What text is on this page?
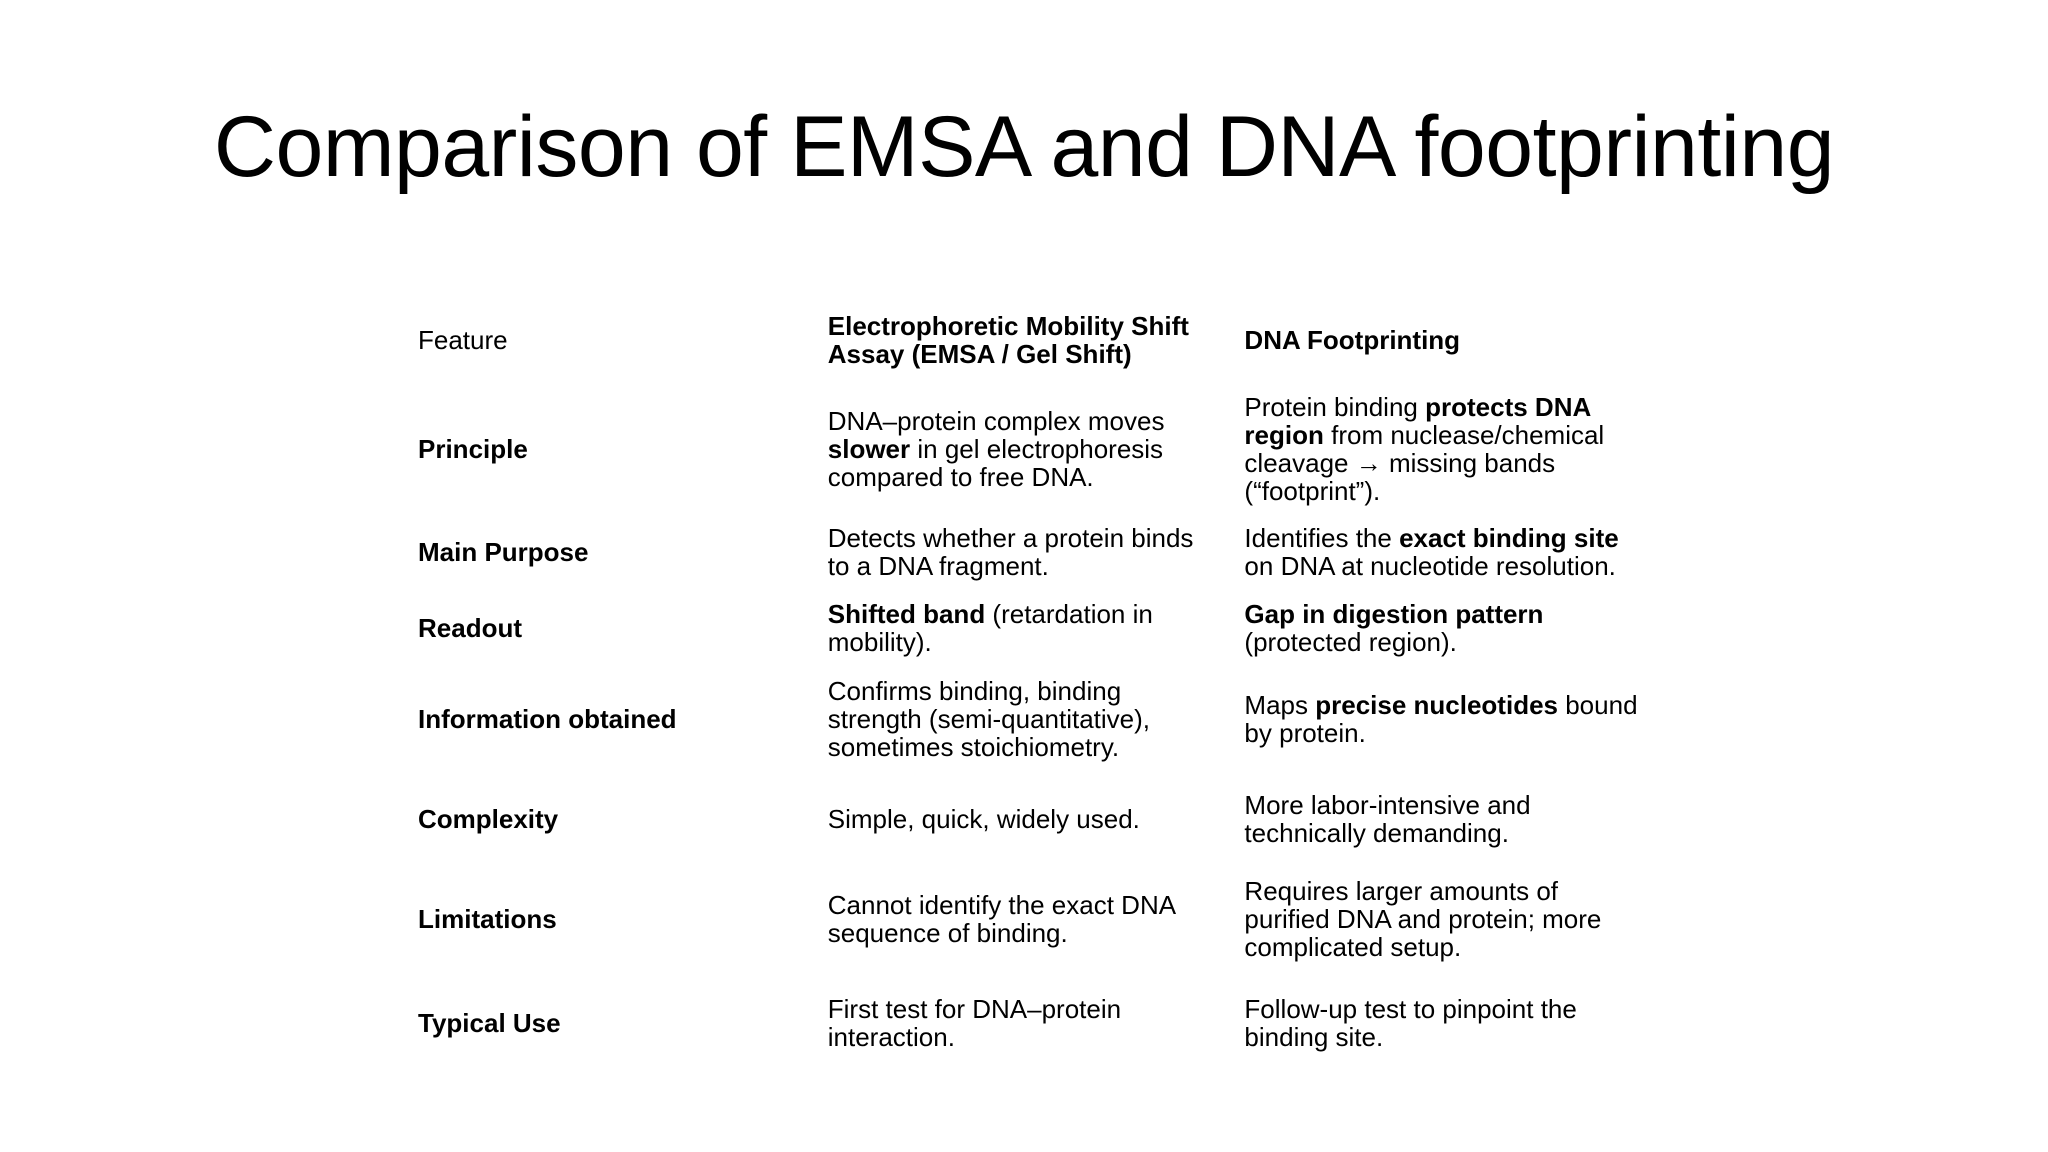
Comparison of EMSA and DNA footprinting
Feature	Electrophoretic Mobility Shift Assay (EMSA / Gel Shift)	DNA Footprinting
Principle	DNA–protein complex moves slower in gel electrophoresis compared to free DNA.	Protein binding protects DNA region from nuclease/chemical cleavage → missing bands (“footprint”).
Main Purpose	Detects whether a protein binds to a DNA fragment.	Identifies the exact binding site on DNA at nucleotide resolution.
Readout	Shifted band (retardation in mobility).	Gap in digestion pattern (protected region).
Information obtained	Confirms binding, binding strength (semi-quantitative), sometimes stoichiometry.	Maps precise nucleotides bound by protein.
Complexity	Simple, quick, widely used.	More labor-intensive and technically demanding.
Limitations	Cannot identify the exact DNA sequence of binding.	Requires larger amounts of purified DNA and protein; more complicated setup.
Typical Use	First test for DNA–protein interaction.	Follow-up test to pinpoint the binding site.
